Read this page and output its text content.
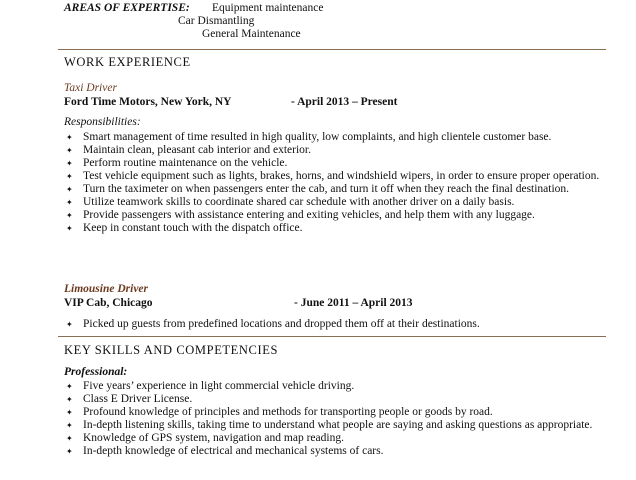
AREAS OF EXPERTISE: Equipment maintenance
Car Dismantling
General Maintenance
WORK EXPERIENCE
Taxi Driver
Ford Time Motors, New York, NY	- April 2013 – Present
Responsibilities:
✦ Smart management of time resulted in high quality, low complaints, and high clientele customer base.
✦ Maintain clean, pleasant cab interior and exterior.
✦ Perform routine maintenance on the vehicle.
✦ Test vehicle equipment such as lights, brakes, horns, and windshield wipers, in order to ensure proper operation.
✦ Turn the taximeter on when passengers enter the cab, and turn it off when they reach the final destination.
✦ Utilize teamwork skills to coordinate shared car schedule with another driver on a daily basis.
✦ Provide passengers with assistance entering and exiting vehicles, and help them with any luggage.
✦ Keep in constant touch with the dispatch office.
Limousine Driver
VIP Cab, Chicago	- June 2011 – April 2013
✦ Picked up guests from predefined locations and dropped them off at their destinations.
KEY SKILLS AND COMPETENCIES
Professional:
✦ Five years’ experience in light commercial vehicle driving.
✦ Class E Driver License.
✦ Profound knowledge of principles and methods for transporting people or goods by road.
✦ In-depth listening skills, taking time to understand what people are saying and asking questions as appropriate.
✦ Knowledge of GPS system, navigation and map reading.
✦ In-depth knowledge of electrical and mechanical systems of cars.
